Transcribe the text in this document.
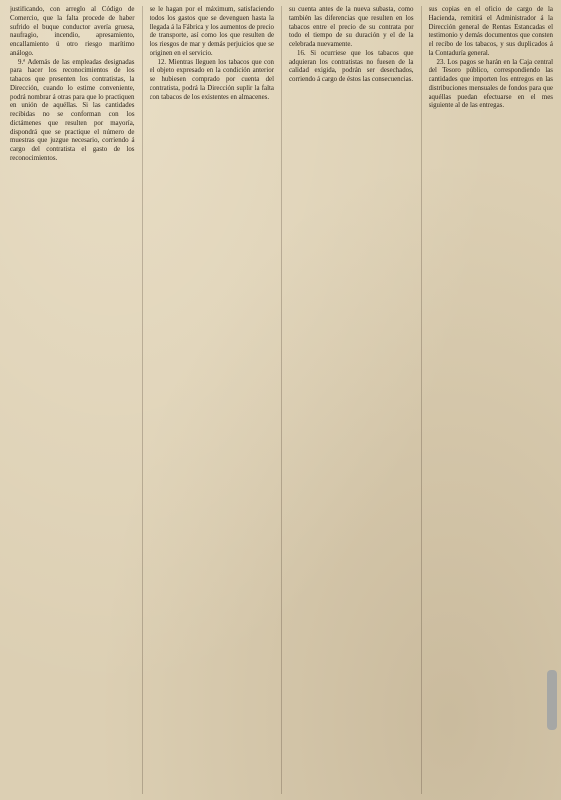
justificando, con arreglo al Código de Comercio, que la falta procede de haber sufrido el buque conductor avería gruesa, naufragio, incendio, apresamiento, encallamiento ú otro riesgo marítimo análogo.

9.ª Además de las empleadas designadas para hacer los reconocimientos de los tabacos que presenten los contratistas, la Dirección, cuando lo estime conveniente, podrá nombrar á otras para que lo practiquen en unión de aquéllas. Si las cantidades recibidas no se conforman con los dictámenes que resulten por mayoría, dispondrá que se practique el número de muestras que juzgue necesario, corriendo á cargo del contratista el gasto de los reconocimientos.

se le hagan por el máximum, satisfaciendo todos los gastos que se devenguen hasta la llegada á la Fábrica y los aumentos de precio de transporte, así como los que resulten de los riesgos de mar y demás perjuicios que se originen en el servicio.

12. Mientras lleguen los tabacos que con el objeto expresado en la condición anterior se hubiesen comprado por cuenta del contratista, podrá la Dirección suplir la falta con tabacos de los existentes en almacenes.

su cuenta antes de la nueva subasta, como también las diferencias que resulten en los tabacos entre el precio de su contrata por todo el tiempo de su duración y el de la celebrada nuevamente.

16. Si ocurriese que los tabacos que adquieran los contratistas no fuesen de la calidad exigida, podrán ser desechados, corriendo á cargo de éstos las consecuencias.

sus copias en el oficio de cargo de la Hacienda, remitirá el Administrador á la Dirección general de Rentas Estancadas el testimonio y demás documentos que consten el recibo de los tabacos, y sus duplicados á la Contaduría general.

23. Los pagos se harán en la Caja central del Tesoro público, correspondiendo las cantidades que importen los entregos en las distribuciones mensuales de fondos para que aquéllas puedan efectuarse en el mes siguiente al de las entregas.
